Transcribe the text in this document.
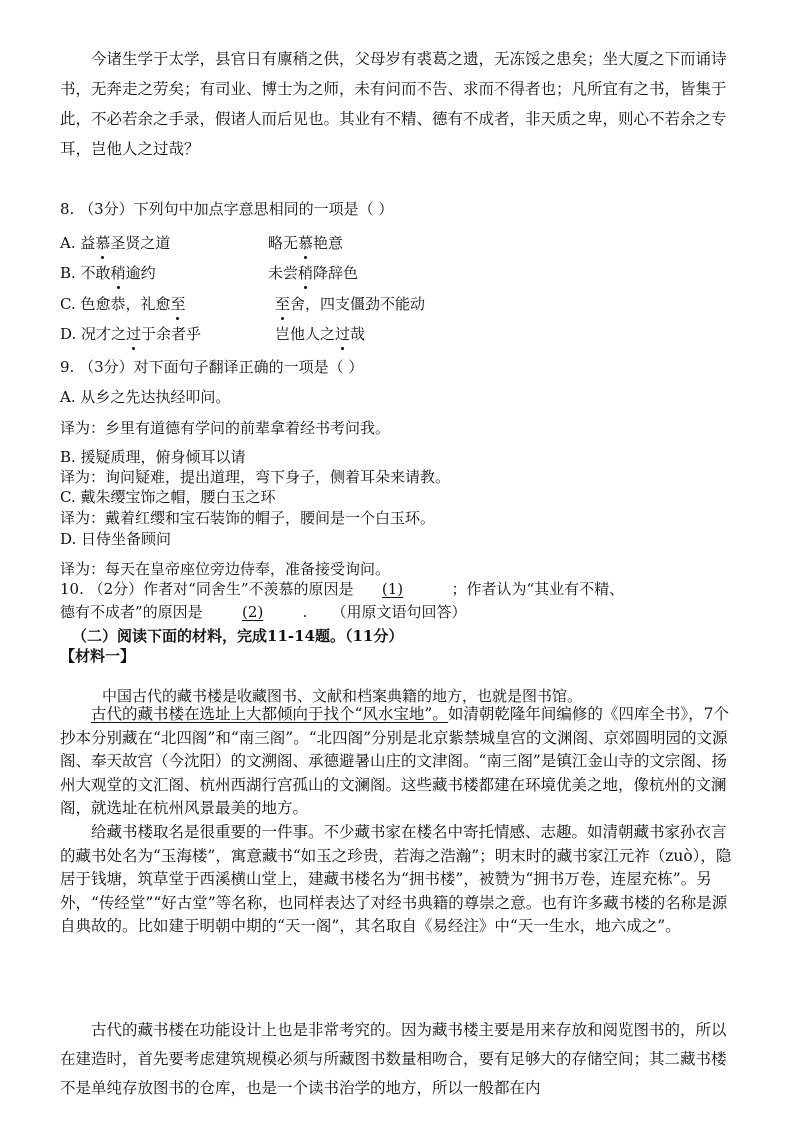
今诸生学于太学，县官日有廪稍之供，父母岁有裘葛之遗，无冻馁之患矣；坐大厦之下而诵诗书，无奔走之劳矣；有司业、博士为之师，未有问而不告、求而不得者也；凡所宜有之书，皆集于此，不必若余之手录，假诸人而后见也。其业有不精、德有不成者，非天质之卑，则心不若余之专耳，岂他人之过哉？

8. （3分）下列句中加点字意思相同的一项是（ ）
A. 益慕圣贤之道	略无慕艳意
B. 不敢稍逾约	未尝稍降辞色
C. 色愈恭，礼愈至	至舍，四支僵劲不能动
D. 况才之过于余者乎	岂他人之过哉
9. （3分）对下面句子翻译正确的一项是（ ）
A. 从乡之先达执经叩问。
译为：乡里有道德有学问的前辈拿着经书考问我。
B. 援疑质理，俯身倾耳以请
译为：询问疑难，提出道理，弯下身子，侧着耳朵来请教。
C. 戴朱缨宝饰之帽，腰白玉之环
译为：戴着红缨和宝石装饰的帽子，腰间是一个白玉环。
D. 日侍坐备顾问
译为：每天在皇帝座位旁边侍奉，准备接受询问。
10. （2分）作者对“同舍生”不羡慕的原因是 (1)	；作者认为“其业有不精、
德有不成者”的原因是	(2)	. （用原文语句回答）
（二）阅读下面的材料，完成11-14题。（11分）
【材料一】
中国古代的藏书楼是收藏图书、文献和档案典籍的地方，也就是图书馆。

古代的藏书楼在选址上大都倾向于找个“风水宝地”。如清朝乾隆年间编修的《四库全书》，7个抄本分别藏在“北四阁”和“南三阁”。“北四阁”分别是北京紫禁城皇宫的文渊阁、京郊圆明园的文源阁、奉天故宫（今沈阳）的文溯阁、承德避暑山庄的文津阁。“南三阁”是镇江金山寺的文宗阁、扬州大观堂的文汇阁、杭州西湖行宫孤山的文澜阁。这些藏书楼都建在环境优美之地，像杭州的文澜阁，就选址在杭州风景最美的地方。

给藏书楼取名是很重要的一件事。不少藏书家在楼名中寄托情感、志趣。如清朝藏书家孙衣言的藏书处名为“玉海楼”，寓意藏书“如玉之珍贵，若海之浩瀚”；明末时的藏书家江元祚（zuò），隐居于钱塘，筑草堂于西溪横山堂上，建藏书楼名为“拥书楼”，被赞为“拥书万卷，连屋充栋”。另外，“传经堂”“好古堂”等名称，也同样表达了对经书典籍的尊崇之意。也有许多藏书楼的名称是源自典故的。比如建于明朝中期的“天一阁”，其名取自《易经注》中“天一生水，地六成之”。

古代的藏书楼在功能设计上也是非常考究的。因为藏书楼主要是用来存放和阅览图书的，所以在建造时，首先要考虑建筑规模必须与所藏图书数量相吻合，要有足够大的存储空间；其二藏书楼不是单纯存放图书的仓库，也是一个读书治学的地方，所以一般都在内
